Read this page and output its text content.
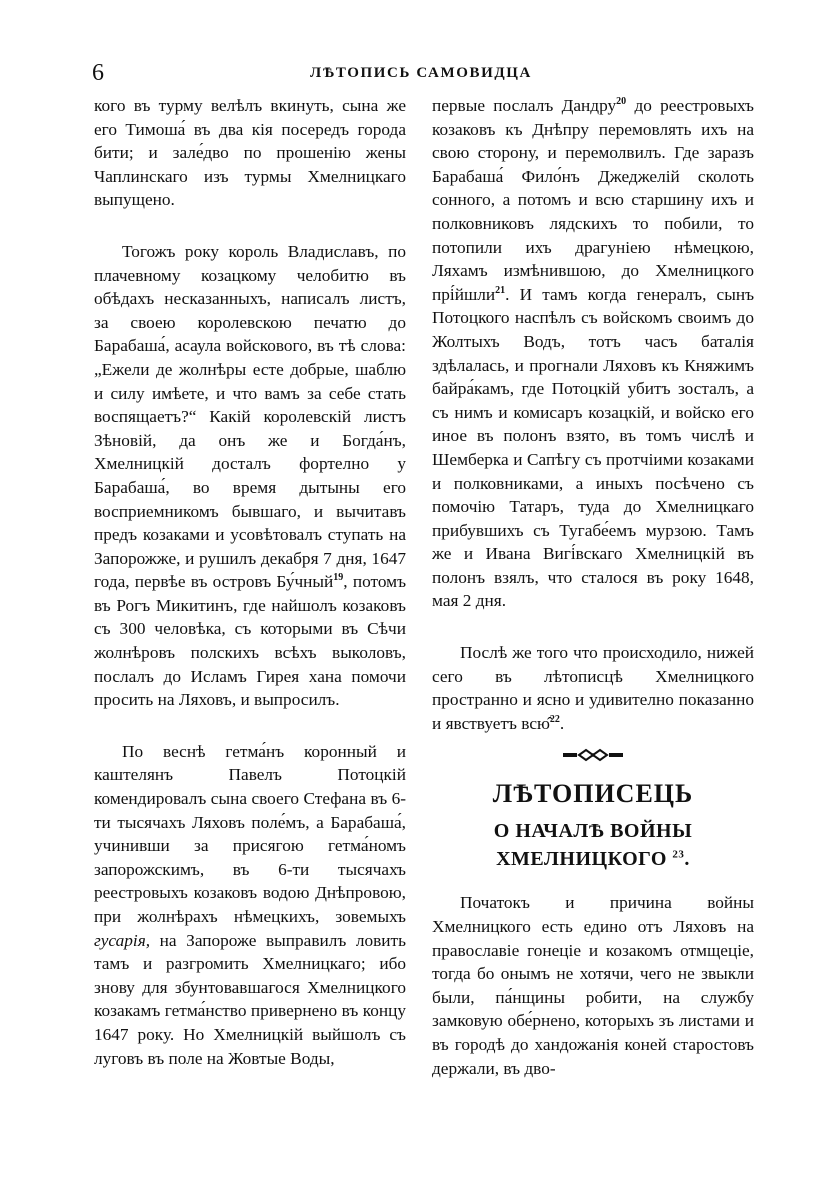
6	ЛѢТОПИСЬ САМОВИДЦА

кого въ турму велѣлъ вкинуть, сына же его Тимоша́ въ два кія посередъ города бити; и зале́дво по прошенію жены Чаплинскаго изъ турмы Хмелницкаго выпущено.

Тогожъ року король Владиславъ, по плачевному козацкому челобитю въ обѣдахъ несказанныхъ, написалъ листъ, за своею королевскою печатю до Барабаша́, асаула войскового, въ тѣ слова: „Ежели де жолнѣры есте добрые, шаблю и силу имѣете, и что вамъ за себе стать воспящаетъ?“ Какій королевскій листъ Зѣновій, да онъ же и Богда́нъ, Хмелницкій досталъ фортелно у Барабаша́, во время дытыны его восприемникомъ бывшаго, и вычитавъ предъ козаками и усовѣтовалъ ступать на Запорожже, и рушилъ декабря 7 дня, 1647 года, первѣе въ островъ Бу́чный$^{19}$, потомъ въ Рогъ Микитинъ, где найшолъ козаковъ съ 300 человѣка, съ которыми въ Сѣчи жолнѣровъ полскихъ всѣхъ выколовъ, послалъ до Исламъ Гирея хана помочи просить на Ляховъ, и выпросилъ.

По веснѣ гетма́нъ коронный и каштелянъ Павелъ Потоцкій комендировалъ сына своего Стефана въ 6-ти тысячахъ Ляховъ поле́мъ, а Барабаша́, учинивши за присягою гетма́номъ запорожскимъ, въ 6-ти тысячахъ реестровыхъ козаковъ водою Днѣпровою, при жолнѣрахъ нѣмецкихъ, зовемыхъ гусарія, на Запороже выправилъ ловить тамъ и разгромить Хмелницкаго; ибо знову для збунтовавшагося Хмелницкого козакамъ гетма́нство привернено въ концу 1647 року. Но Хмелницкій выйшолъ съ луговъ въ поле на Жовтые Воды,

первые послалъ Дандру$^{20}$ до реестровыхъ козаковъ къ Днѣпру перемовлять ихъ на свою сторону, и перемолвилъ. Где заразъ Барабаша́ Фило́нъ Джеджелій сколоть сонного, а потомъ и всю старшину ихъ и полковниковъ лядскихъ то побили, то потопили ихъ драгуніею нѣмецкою, Ляхамъ измѣнившою, до Хмелницкого прі́йшли$^{21}$. И тамъ когда генералъ, сынъ Потоцкого наспѣлъ съ войскомъ своимъ до Жолтыхъ Водъ, тотъ часъ баталія здѣлалась, и прогнали Ляховъ къ Княжимъ байра́камъ, где Потоцкій убитъ зосталъ, а съ нимъ и комисаръ козацкій, и войско его иное въ полонъ взято, въ томъ числѣ и Шемберка и Сапѣгу съ протчіими козаками и полковниками, а иныхъ посѣчено съ помочію Татаръ, туда до Хмелницкаго прибувшихъ съ Тугабе́емъ мурзою. Тамъ же и Ивана Вигі́вскаго Хмелницкій въ полонъ взялъ, что сталося въ року 1648, мая 2 дня.

Послѣ же того что происходило, нижей сего въ лѣтописцѣ Хмелницкого пространно и ясно и удивително показанно и явствуетъ всю̂$^{22}$.

ЛѢТОПИСЕЦЬ
О НАЧАЛѢ ВОЙНЫ ХМЕЛНИЦКОГО $^{23}$.

Початокъ и причина войны Хмелницкого есть едино отъ Ляховъ на православіе гонеціе и козакомъ отмщеціе, тогда бо онымъ не хотячи, чего не звыкли были, па́нщины робити, на службу замковую обе́рнено, которыхъ зъ листами и въ городѣ до хандожанія коней старостовъ держали, въ дво-
